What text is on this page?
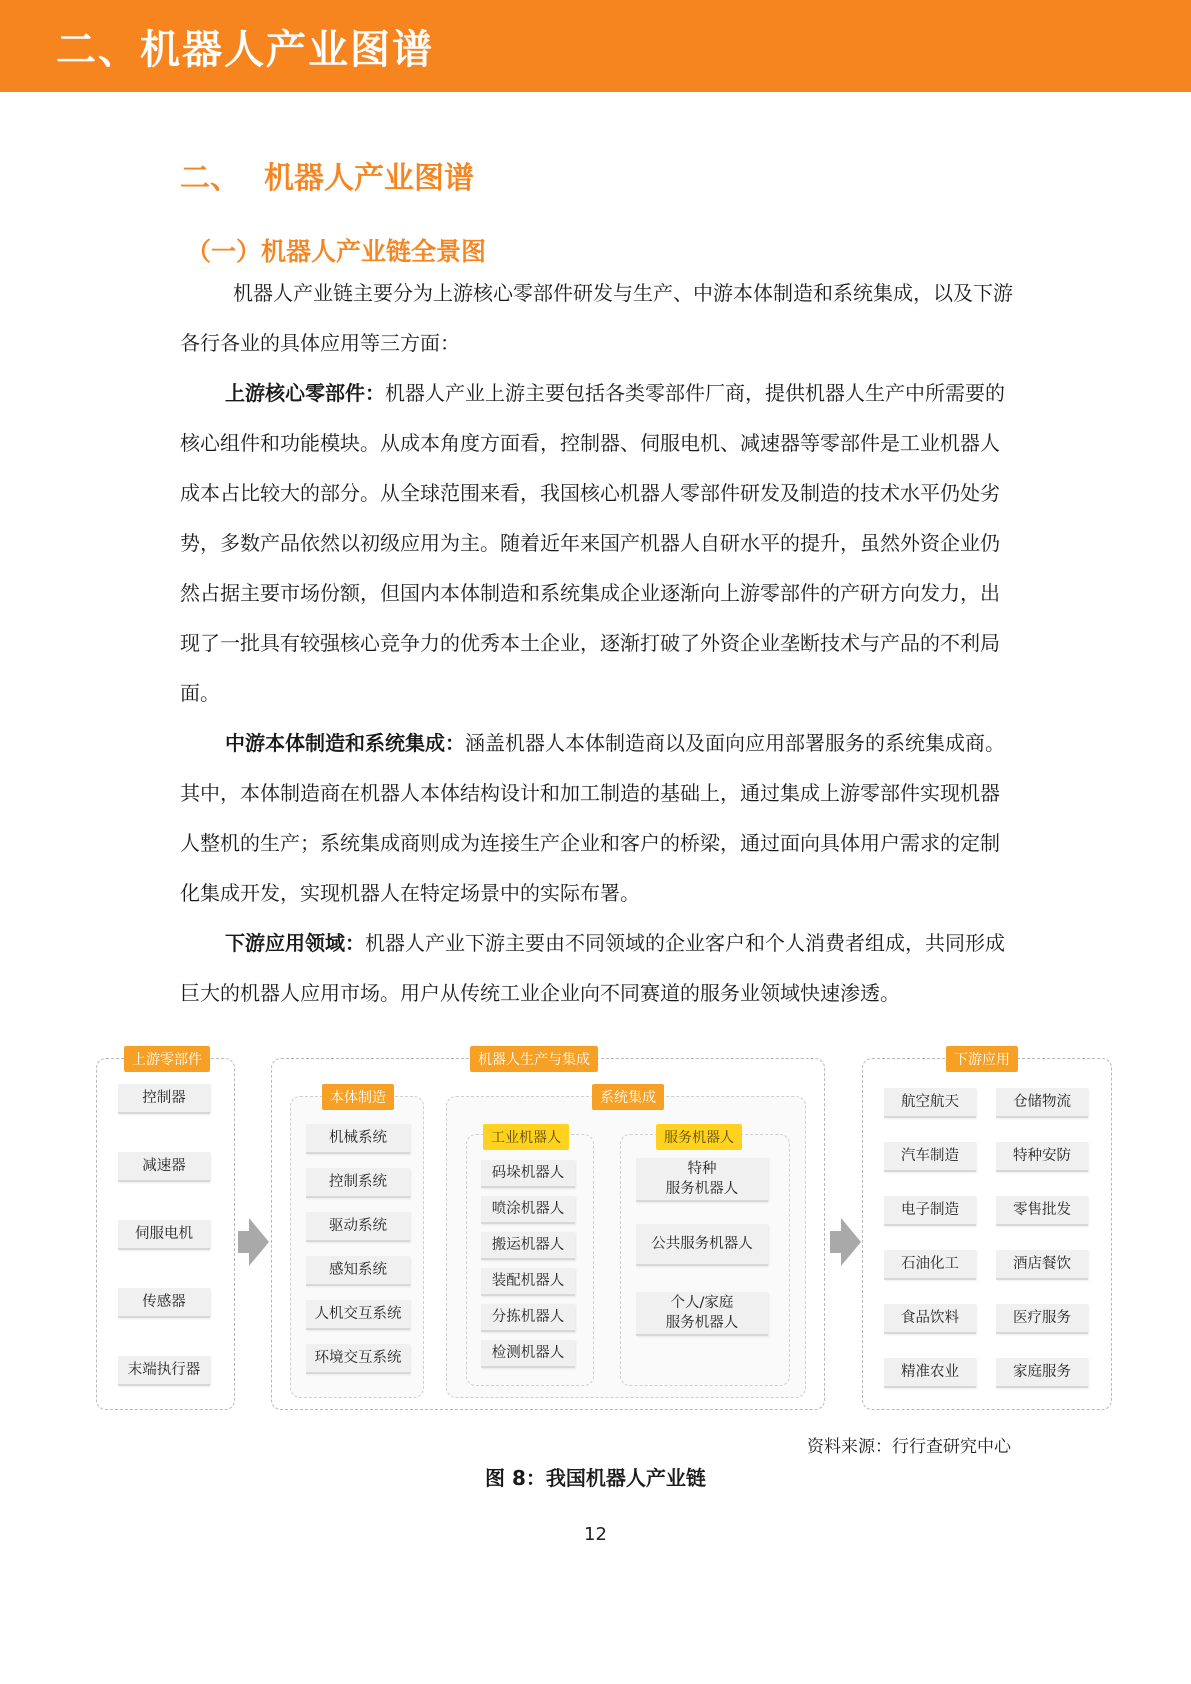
二、机器人产业图谱
二、 机器人产业图谱
（一）机器人产业链全景图

机器人产业链主要分为上游核心零部件研发与生产、中游本体制造和系统集成，以及下游各行各业的具体应用等三方面：

上游核心零部件：机器人产业上游主要包括各类零部件厂商，提供机器人生产中所需要的核心组件和功能模块。从成本角度方面看，控制器、伺服电机、减速器等零部件是工业机器人成本占比较大的部分。从全球范围来看，我国核心机器人零部件研发及制造的技术水平仍处劣势，多数产品依然以初级应用为主。随着近年来国产机器人自研水平的提升，虽然外资企业仍然占据主要市场份额，但国内本体制造和系统集成企业逐渐向上游零部件的产研方向发力，出现了一批具有较强核心竞争力的优秀本土企业，逐渐打破了外资企业垄断技术与产品的不利局面。

中游本体制造和系统集成：涵盖机器人本体制造商以及面向应用部署服务的系统集成商。其中，本体制造商在机器人本体结构设计和加工制造的基础上，通过集成上游零部件实现机器人整机的生产；系统集成商则成为连接生产企业和客户的桥梁，通过面向具体用户需求的定制化集成开发，实现机器人在特定场景中的实际布署。

下游应用领域：机器人产业下游主要由不同领域的企业客户和个人消费者组成，共同形成巨大的机器人应用市场。用户从传统工业企业向不同赛道的服务业领域快速渗透。

上游零部件
控制器
减速器
伺服电机
传感器
末端执行器
机器人生产与集成
本体制造
机械系统
控制系统
驱动系统
感知系统
人机交互系统
环境交互系统
系统集成
工业机器人
码垛机器人
喷涂机器人
搬运机器人
装配机器人
分拣机器人
检测机器人
服务机器人
特种
服务机器人
公共服务机器人
个人/家庭
服务机器人
下游应用
航空航天
汽车制造
电子制造
石油化工
食品饮料
精准农业
仓储物流
特种安防
零售批发
酒店餐饮
医疗服务
家庭服务
资料来源：行行查研究中心
图 8：我国机器人产业链
12
